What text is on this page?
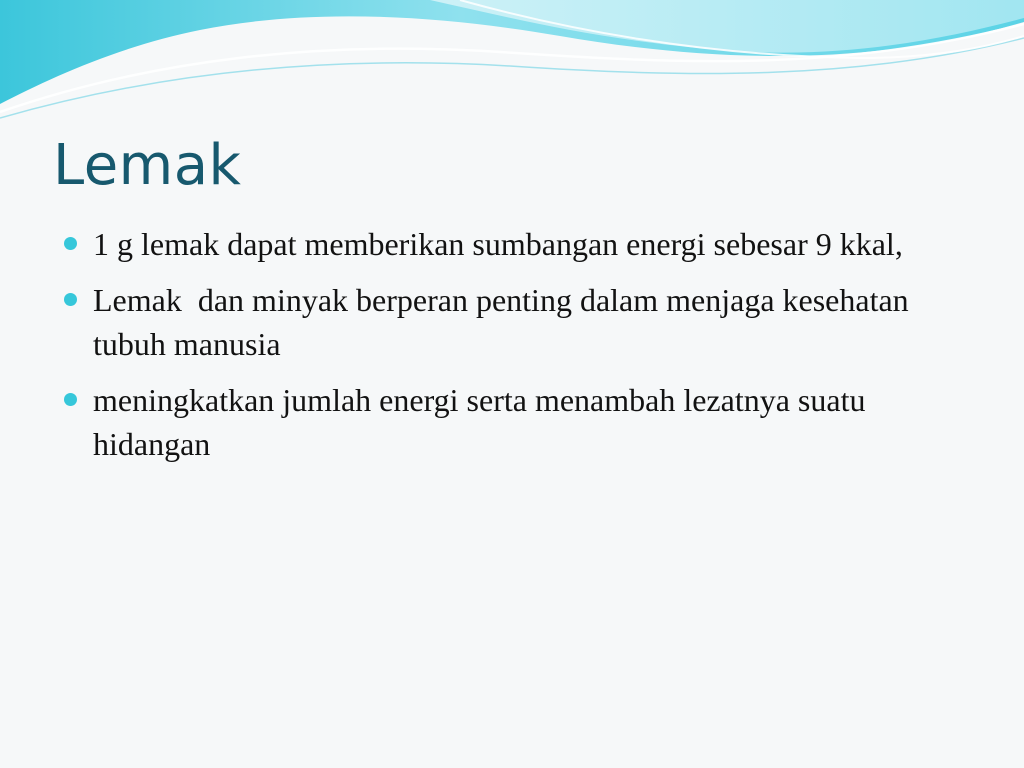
Lemak
1 g lemak dapat memberikan sumbangan energi sebesar 9 kkal,
Lemak  dan minyak berperan penting dalam menjaga kesehatan tubuh manusia
meningkatkan jumlah energi serta menambah lezatnya suatu hidangan
